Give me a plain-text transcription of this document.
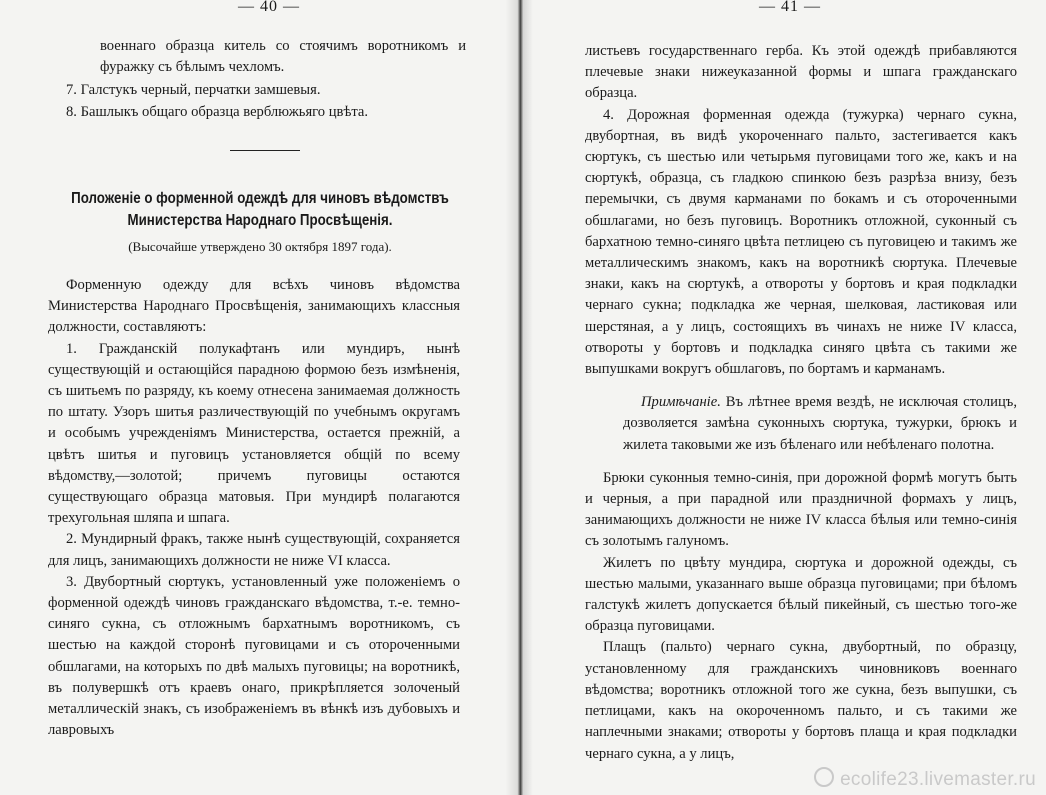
— 40 —

военнаго образца китель со стоячимъ воротникомъ и фуражку съ бѣлымъ чехломъ.

7. Галстукъ черный, перчатки замшевыя.

8. Башлыкъ общаго образца верблюжьяго цвѣта.

Положеніе о форменной одеждѣ для чиновъ вѣдомствъ Министерства Народнаго Просвѣщенія.
(Высочайше утверждено 30 октября 1897 года).

Форменную одежду для всѣхъ чиновъ вѣдомства Министерства Народнаго Просвѣщенія, занимающихъ классныя должности, составляютъ:

1. Гражданскій полукафтанъ или мундиръ, нынѣ существующій и остающійся парадною формою безъ измѣненія, съ шитьемъ по разряду, къ коему отнесена занимаемая должность по штату. Узоръ шитья различествующій по учебнымъ округамъ и особымъ учрежденіямъ Министерства, остается прежній, а цвѣтъ шитья и пуговицъ установляется общій по всему вѣдомству,—золотой; причемъ пуговицы остаются существующаго образца матовыя. При мундирѣ полагаются трехугольная шляпа и шпага.

2. Мундирный фракъ, также нынѣ существующій, сохраняется для лицъ, занимающихъ должности не ниже VI класса.

3. Двубортный сюртукъ, установленный уже положеніемъ о форменной одеждѣ чиновъ гражданскаго вѣдомства, т.-е. темно-синяго сукна, съ отложнымъ бархатнымъ воротникомъ, съ шестью на каждой сторонѣ пуговицами и съ отороченными обшлагами, на которыхъ по двѣ малыхъ пуговицы; на воротникѣ, въ полувершкѣ отъ краевъ онаго, прикрѣпляется золоченый металлическій знакъ, съ изображеніемъ въ вѣнкѣ изъ дубовыхъ и лавровыхъ

— 41 —

листьевъ государственнаго герба. Къ этой одеждѣ прибавляются плечевые знаки нижеуказанной формы и шпага гражданскаго образца.

4. Дорожная форменная одежда (тужурка) чернаго сукна, двубортная, въ видѣ укороченнаго пальто, застегивается какъ сюртукъ, съ шестью или четырьмя пуговицами того же, какъ и на сюртукѣ, образца, съ гладкою спинкою безъ разрѣза внизу, безъ перемычки, съ двумя карманами по бокамъ и съ отороченными обшлагами, но безъ пуговицъ. Воротникъ отложной, суконный съ бархатною темно-синяго цвѣта петлицею съ пуговицею и такимъ же металлическимъ знакомъ, какъ на воротникѣ сюртука. Плечевые знаки, какъ на сюртукѣ, а отвороты у бортовъ и края подкладки чернаго сукна; подкладка же черная, шелковая, ластиковая или шерстяная, а у лицъ, состоящихъ въ чинахъ не ниже IV класса, отвороты у бортовъ и подкладка синяго цвѣта съ такими же выпушками вокругъ обшлаговъ, по бортамъ и карманамъ.

Примѣчаніе. Въ лѣтнее время вездѣ, не исключая столицъ, дозволяется замѣна суконныхъ сюртука, тужурки, брюкъ и жилета таковыми же изъ бѣленаго или небѣленаго полотна.

Брюки суконныя темно-синія, при дорожной формѣ могутъ быть и черныя, а при парадной или праздничной формахъ у лицъ, занимающихъ должности не ниже IV класса бѣлыя или темно-синія съ золотымъ галуномъ.

Жилетъ по цвѣту мундира, сюртука и дорожной одежды, съ шестью малыми, указаннаго выше образца пуговицами; при бѣломъ галстукѣ жилетъ допускается бѣлый пикейный, съ шестью того-же образца пуговицами.

Плащъ (пальто) чернаго сукна, двубортный, по образцу, установленному для гражданскихъ чиновниковъ военнаго вѣдомства; воротникъ отложной того же сукна, безъ выпушки, съ петлицами, какъ на окороченномъ пальто, и съ такими же наплечными знаками; отвороты у бортовъ плаща и края подкладки чернаго сукна, а у лицъ,

ecolife23.livemaster.ru
